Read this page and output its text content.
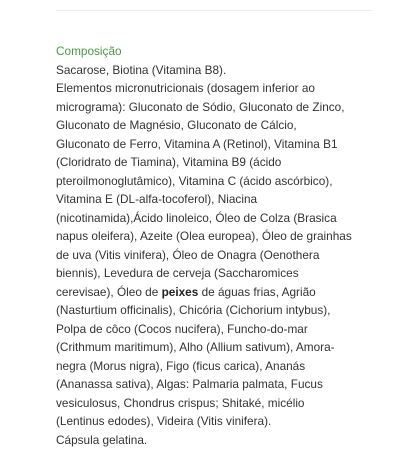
Composição
Sacarose, Biotina (Vitamina B8).
Elementos micronutricionais (dosagem inferior ao
micrograma): Gluconato de Sódio, Gluconato de Zinco,
Gluconato de Magnésio, Gluconato de Cálcio,
Gluconato de Ferro, Vitamina A (Retinol), Vitamina B1
(Cloridrato de Tiamina), Vitamina B9 (ácido
pteroilmonoglutâmico), Vitamina C (ácido ascórbico),
Vitamina E (DL-alfa-tocoferol), Niacina
(nicotinamida),Ácido linoleico, Óleo de Colza (Brasica
napus oleifera), Azeite (Olea europea), Óleo de grainhas
de uva (Vitis vinifera), Óleo de Onagra (Oenothera
biennis), Levedura de cerveja (Saccharomices
cerevisae), Óleo de peixes de águas frias, Agrião
(Nasturtium officinalis), Chicória (Cichorium intybus),
Polpa de côco (Cocos nucifera), Funcho-do-mar
(Crithmum maritimum), Alho (Allium sativum), Amora-
negra (Morus nigra), Figo (ficus carica), Ananás
(Ananassa sativa), Algas: Palmaria palmata, Fucus
vesiculosus, Chondrus crispus; Shitaké, micélio
(Lentinus edodes), Videira (Vitis vinifera).
Cápsula gelatina.
